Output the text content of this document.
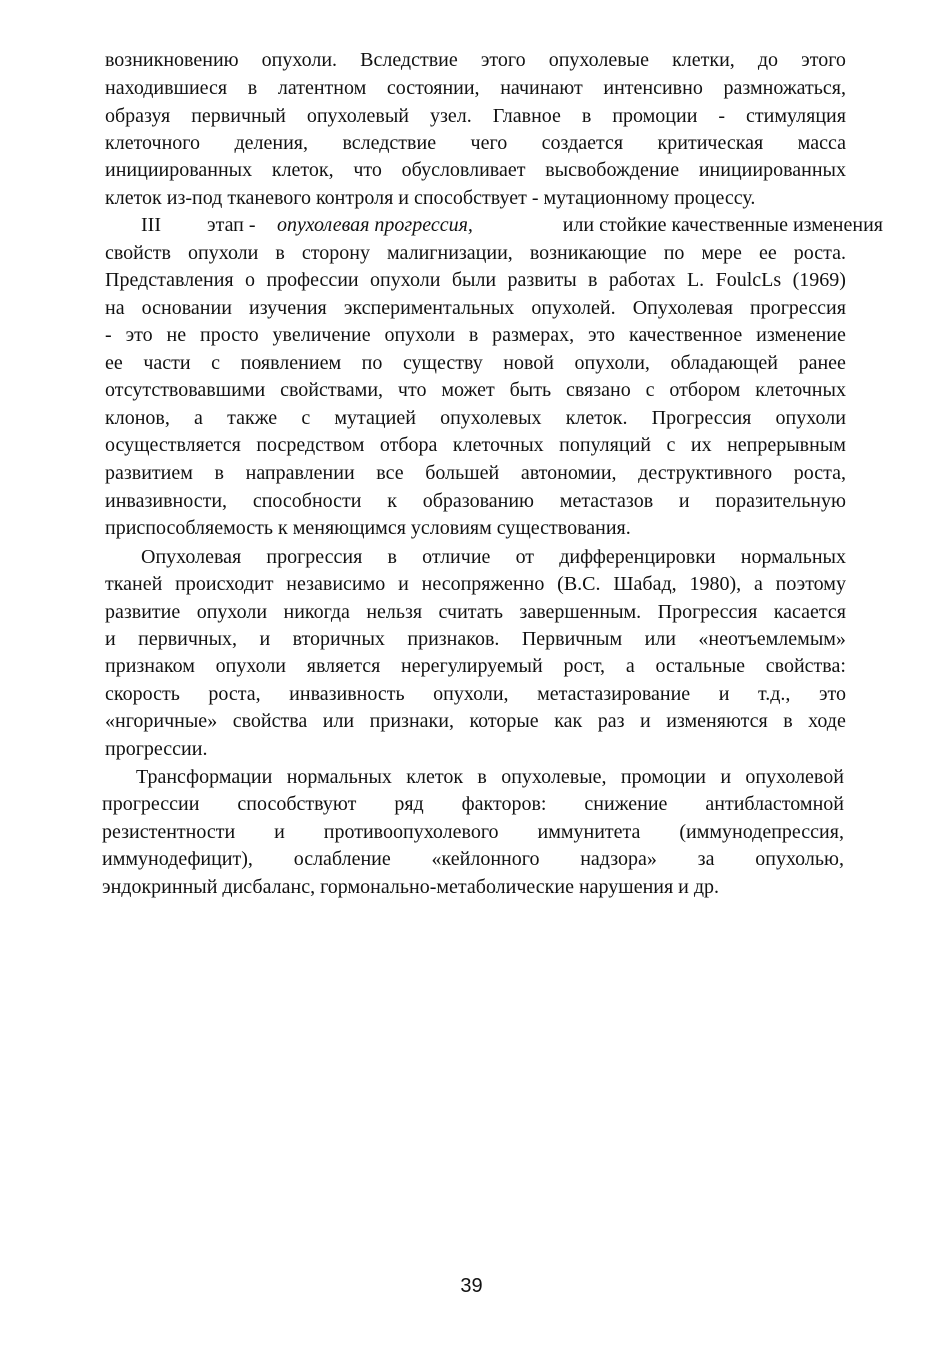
возникновению опухоли. Вследствие этого опухолевые клетки, до этого
находившиеся в латентном состоянии, начинают интенсивно размножаться,
образуя первичный опухолевый узел. Главное в промоции - стимуляция
клеточного деления, вследствие чего создается критическая масса
инициированных клеток, что обусловливает высвобождение инициированных
клеток из-под тканевого контроля и способствует - мутационному процессу.
III этап - опухолевая прогрессия,	или стойкие качественные изменения
свойств опухоли в сторону малигнизации, возникающие по мере ее роста.
Представления о профессии опухоли были развиты в работах L. FoulcLs (1969)
на основании изучения экспериментальных опухолей. Опухолевая прогрессия
- это не просто увеличение опухоли в размерах, это качественное изменение
ее части с появлением по существу новой опухоли, обладающей ранее
отсутствовавшими свойствами, что может быть связано с отбором клеточных
клонов, а также с мутацией опухолевых клеток. Прогрессия опухоли
осуществляется посредством отбора клеточных популяций с их непрерывным
развитием в направлении все большей автономии, деструктивного роста,
инвазивности, способности к образованию метастазов и поразительную
приспособляемость к меняющимся условиям существования.
Опухолевая прогрессия в отличие от дифференцировки нормальных
тканей происходит независимо и несопряженно (В.С. Шабад, 1980), а поэтому
развитие опухоли никогда нельзя считать завершенным. Прогрессия касается
и первичных, и вторичных признаков. Первичным или «неотъемлемым»
признаком опухоли является нерегулируемый рост, а остальные свойства:
скорость роста, инвазивность опухоли, метастазирование и т.д., это
«нгоричные» свойства или признаки, которые как раз и изменяются в ходе
прогрессии.
Трансформации нормальных клеток в опухолевые, промоции и опухолевой
прогрессии способствуют ряд факторов: снижение антибластомной
резистентности и противоопухолевого иммунитета (иммунодепрессия,
иммунодефицит), ослабление «кейлонного надзора» за опухолью,
эндокринный дисбаланс, гормонально-метаболические нарушения и др.
39
